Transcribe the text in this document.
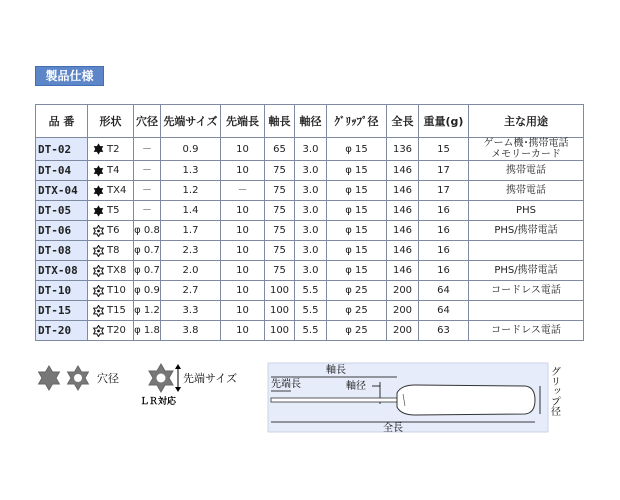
製品仕様
品 番	形状	穴径	先端サイズ	先端長	軸長	軸径	ｸﾞﾘｯﾌﾟ径	全長	重量(g)	主な用途
DT-02	T2	－	0.9	10	65	3.0	φ 15	136	15	ゲーム機･携帯電話
メモリーカード
DT-04	T4	－	1.3	10	75	3.0	φ 15	146	17	携帯電話
DTX-04	TX4	－	1.2	－	75	3.0	φ 15	146	17	携帯電話
DT-05	T5	－	1.4	10	75	3.0	φ 15	146	16	PHS
DT-06	T6	φ 0.8	1.7	10	75	3.0	φ 15	146	16	PHS/携帯電話
DT-08	T8	φ 0.7	2.3	10	75	3.0	φ 15	146	16	
DTX-08	TX8	φ 0.7	2.0	10	75	3.0	φ 15	146	16	PHS/携帯電話
DT-10	T10	φ 0.9	2.7	10	100	5.5	φ 25	200	64	コードレス電話
DT-15	T15	φ 1.2	3.3	10	100	5.5	φ 25	200	64	
DT-20	T20	φ 1.8	3.8	10	100	5.5	φ 25	200	63	コードレス電話
穴径	先端サイズ
ＬＲ対応
軸長
先端長	軸径	グリップ径
全長
